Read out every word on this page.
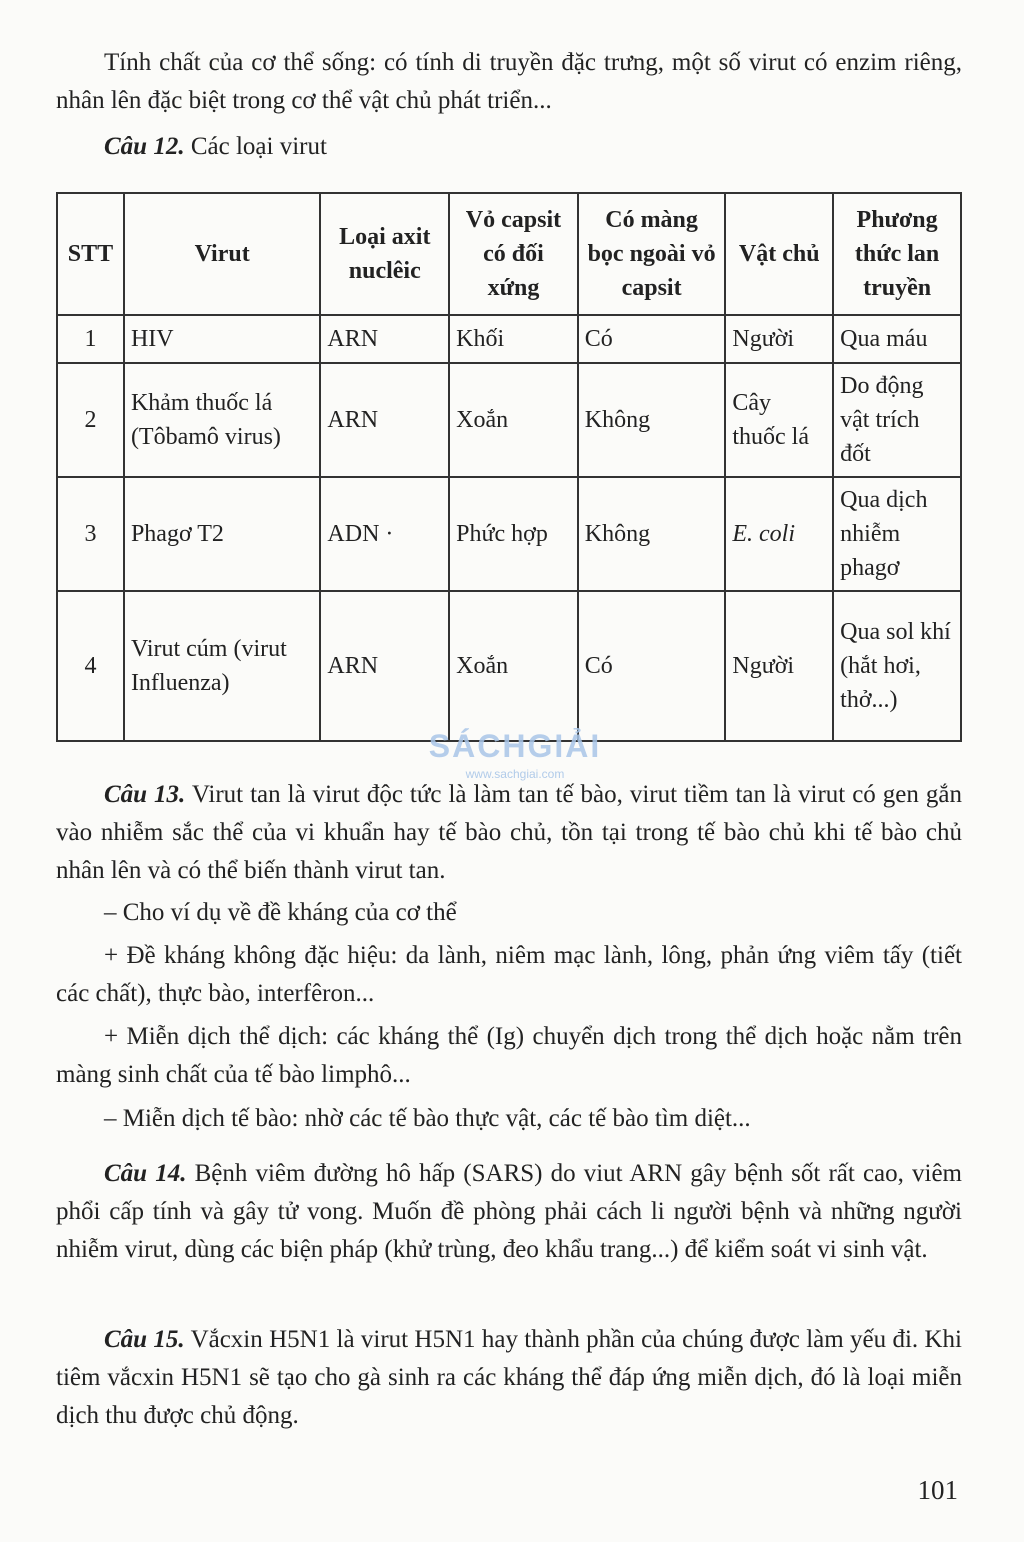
Tính chất của cơ thể sống: có tính di truyền đặc trưng, một số virut có enzim riêng, nhân lên đặc biệt trong cơ thể vật chủ phát triển...

Câu 12. Các loại virut

STT	Virut	Loại axit nuclêic	Vỏ capsit có đối xứng	Có màng bọc ngoài vỏ capsit	Vật chủ	Phương thức lan truyền
1	HIV	ARN	Khối	Có	Người	Qua máu
2	Khảm thuốc lá (Tôbamô virus)	ARN	Xoắn	Không	Cây thuốc lá	Do động vật trích đốt
3	Phagơ T2	ADN ·	Phức hợp	Không	E. coli	Qua dịch nhiễm phagơ
4	Virut cúm (virut Influenza)	ARN	Xoắn	Có	Người	Qua sol khí (hắt hơi, thở...)
SÁCHGIẢI
www.sachgiai.com

Câu 13. Virut tan là virut độc tức là làm tan tế bào, virut tiềm tan là virut có gen gắn vào nhiễm sắc thể của vi khuẩn hay tế bào chủ, tồn tại trong tế bào chủ khi tế bào chủ nhân lên và có thể biến thành virut tan.

– Cho ví dụ về đề kháng của cơ thể

+ Đề kháng không đặc hiệu: da lành, niêm mạc lành, lông, phản ứng viêm tấy (tiết các chất), thực bào, interfêron...

+ Miễn dịch thể dịch: các kháng thể (Ig) chuyển dịch trong thể dịch hoặc nằm trên màng sinh chất của tế bào limphô...

– Miễn dịch tế bào: nhờ các tế bào thực vật, các tế bào tìm diệt...

Câu 14. Bệnh viêm đường hô hấp (SARS) do viut ARN gây bệnh sốt rất cao, viêm phổi cấp tính và gây tử vong. Muốn đề phòng phải cách li người bệnh và những người nhiễm virut, dùng các biện pháp (khử trùng, đeo khẩu trang...) để kiểm soát vi sinh vật.

Câu 15. Vắcxin H5N1 là virut H5N1 hay thành phần của chúng được làm yếu đi. Khi tiêm vắcxin H5N1 sẽ tạo cho gà sinh ra các kháng thể đáp ứng miễn dịch, đó là loại miễn dịch thu được chủ động.

101
